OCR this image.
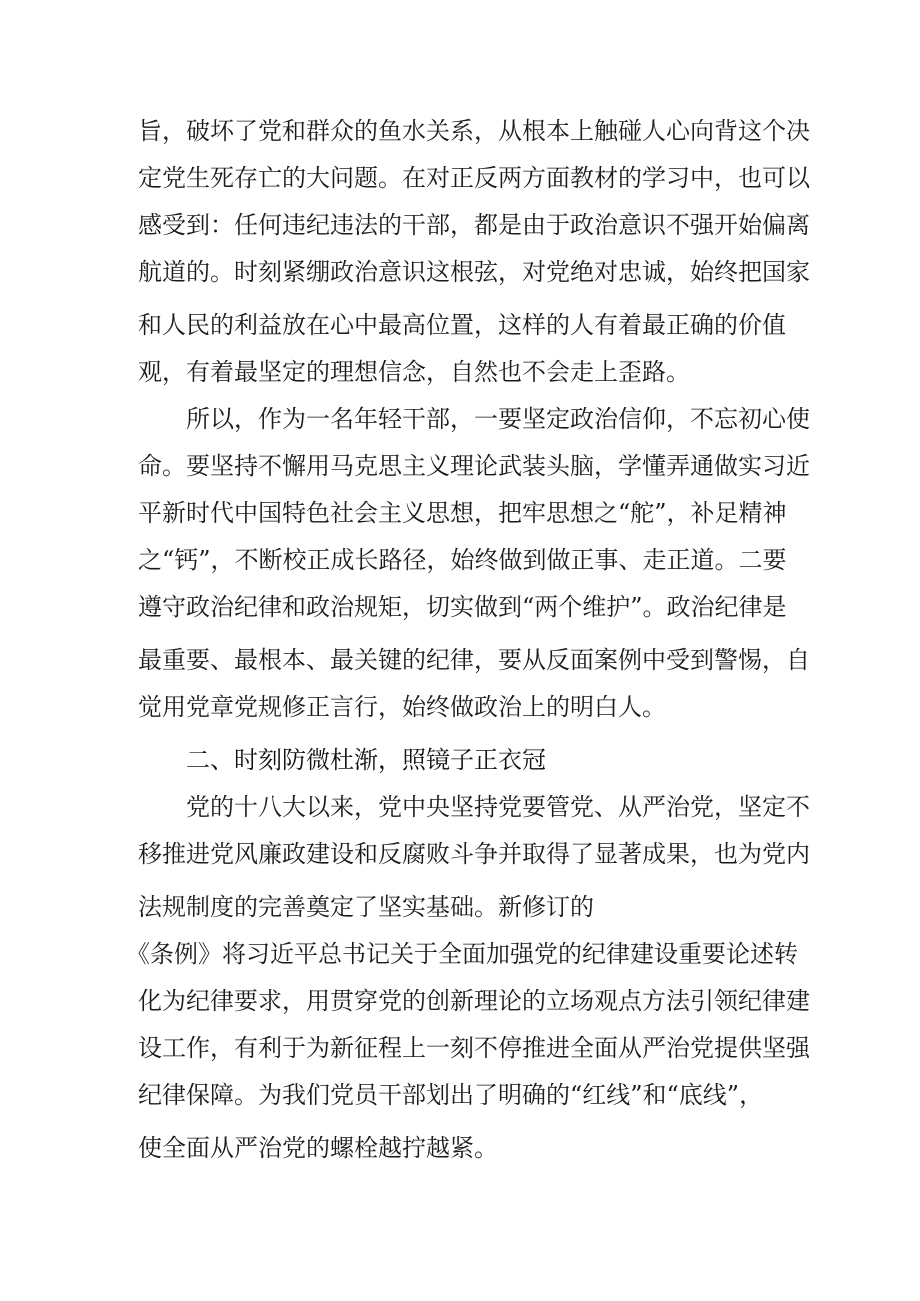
旨，破坏了党和群众的鱼水关系，从根本上触碰人心向背这个决
定党生死存亡的大问题。在对正反两方面教材的学习中，也可以
感受到：任何违纪违法的干部，都是由于政治意识不强开始偏离
航道的。时刻紧绷政治意识这根弦，对党绝对忠诚，始终把国家
和人民的利益放在心中最高位置，这样的人有着最正确的价值
观，有着最坚定的理想信念，自然也不会走上歪路。
所以，作为一名年轻干部，一要坚定政治信仰，不忘初心使
命。要坚持不懈用马克思主义理论武装头脑，学懂弄通做实习近
平新时代中国特色社会主义思想，把牢思想之“舵”，补足精神
之“钙”，不断校正成长路径，始终做到做正事、走正道。二要
遵守政治纪律和政治规矩，切实做到“两个维护”。政治纪律是
最重要、最根本、最关键的纪律，要从反面案例中受到警惕，自
觉用党章党规修正言行，始终做政治上的明白人。
二、时刻防微杜渐，照镜子正衣冠
党的十八大以来，党中央坚持党要管党、从严治党，坚定不
移推进党风廉政建设和反腐败斗争并取得了显著成果，也为党内
法规制度的完善奠定了坚实基础。新修订的
《条例》将习近平总书记关于全面加强党的纪律建设重要论述转
化为纪律要求，用贯穿党的创新理论的立场观点方法引领纪律建
设工作，有利于为新征程上一刻不停推进全面从严治党提供坚强
纪律保障。为我们党员干部划出了明确的“红线”和“底线”，
使全面从严治党的螺栓越拧越紧。
